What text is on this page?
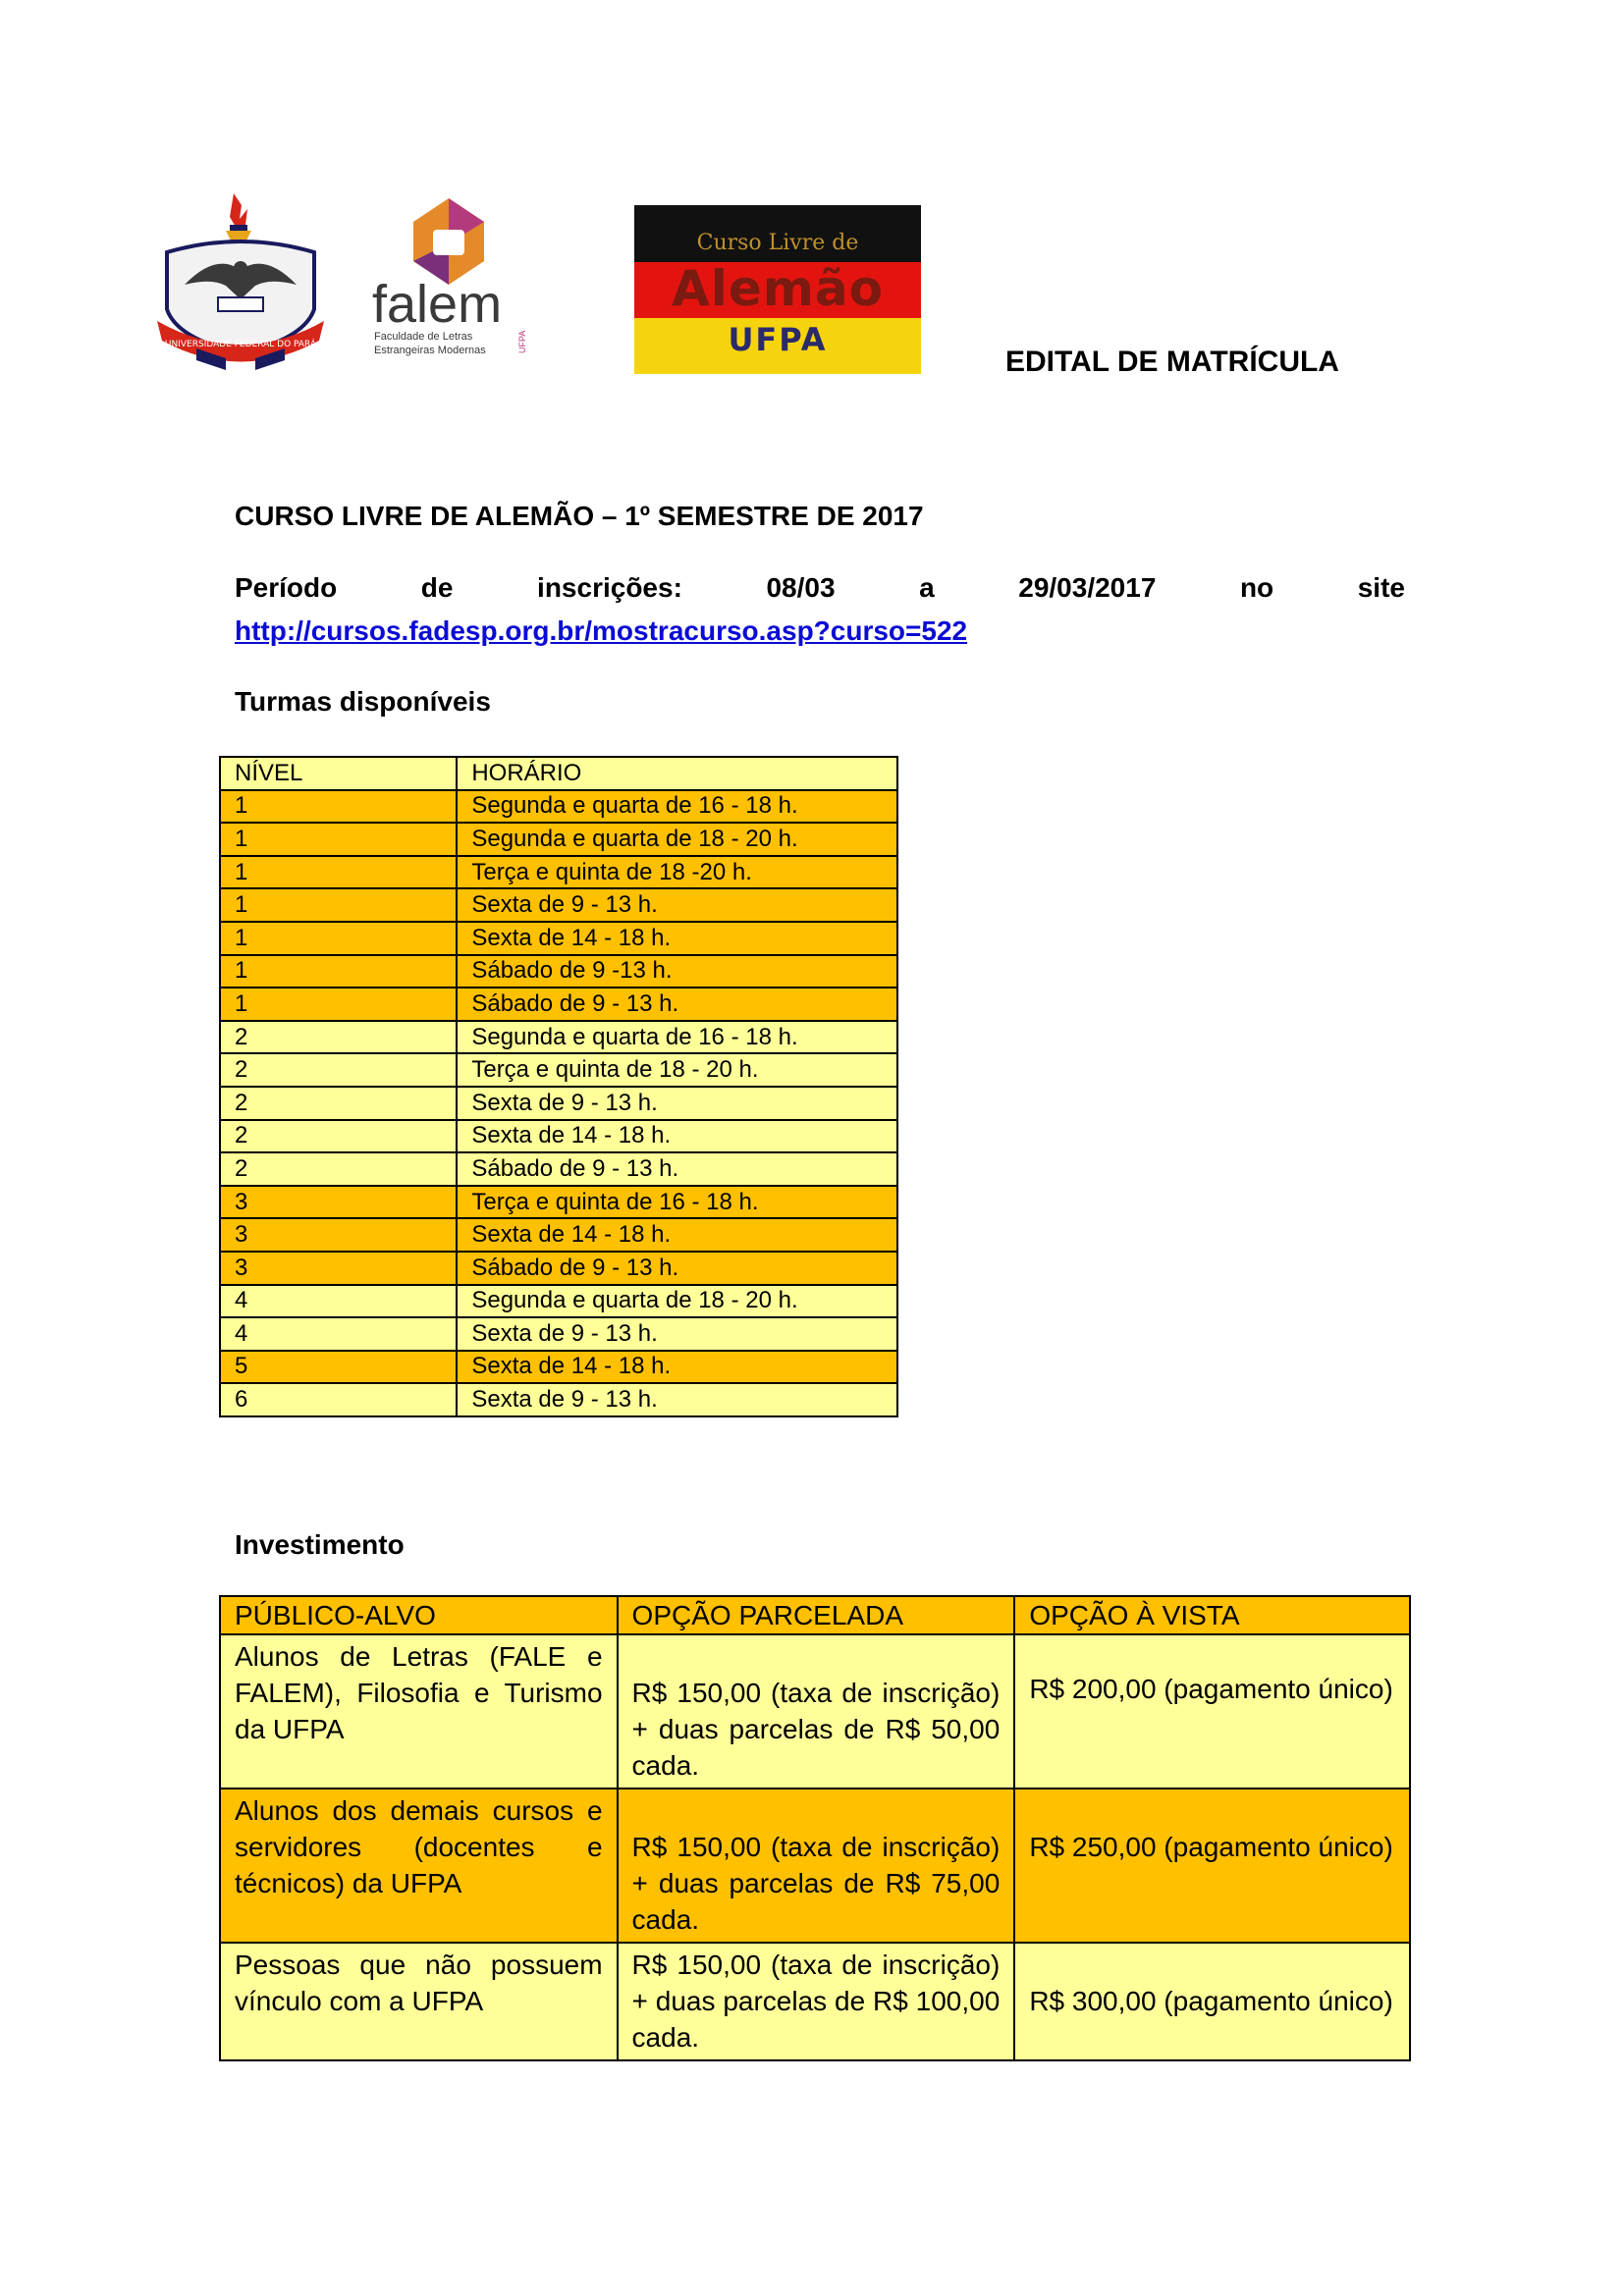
UNIVERSIDADE FEDERAL DO PARÁ
falem
Faculdade de Letras
Estrangeiras Modernas	UFPA
Curso Livre de
Alemão
UFPA
EDITAL DE MATRÍCULA
CURSO LIVRE DE ALEMÃO – 1º SEMESTRE DE 2017
Período	de	inscrições:	08/03	a	29/03/2017	no	site
http://cursos.fadesp.org.br/mostracurso.asp?curso=522
Turmas disponíveis
NÍVEL	HORÁRIO
1	Segunda e quarta de 16 - 18 h.
1	Segunda e quarta de 18 - 20 h.
1	Terça e quinta de 18 -20 h.
1	Sexta de 9 - 13 h.
1	Sexta de 14 - 18 h.
1	Sábado de 9 -13 h.
1	Sábado de 9 - 13 h.
2	Segunda e quarta de 16 - 18 h.
2	Terça e quinta de 18 - 20 h.
2	Sexta de 9 - 13 h.
2	Sexta de 14 - 18 h.
2	Sábado de 9 - 13 h.
3	Terça e quinta de 16 - 18 h.
3	Sexta de 14 - 18 h.
3	Sábado de 9 - 13 h.
4	Segunda e quarta de 18 - 20 h.
4	Sexta de 9 - 13 h.
5	Sexta de 14 - 18 h.
6	Sexta de 9 - 13 h.
Investimento
PÚBLICO-ALVO	OPÇÃO PARCELADA	OPÇÃO À VISTA
Alunos de Letras (FALE e FALEM), Filosofia e Turismo da UFPA	R$ 150,00 (taxa de inscrição) + duas parcelas de R$ 50,00 cada.	R$ 200,00 (pagamento único)
Alunos dos demais cursos e servidores (docentes e técnicos) da UFPA	R$ 150,00 (taxa de inscrição) + duas parcelas de R$ 75,00 cada.	R$ 250,00 (pagamento único)
Pessoas que não possuem vínculo com a UFPA	R$ 150,00 (taxa de inscrição) + duas parcelas de R$ 100,00 cada.	R$ 300,00 (pagamento único)
